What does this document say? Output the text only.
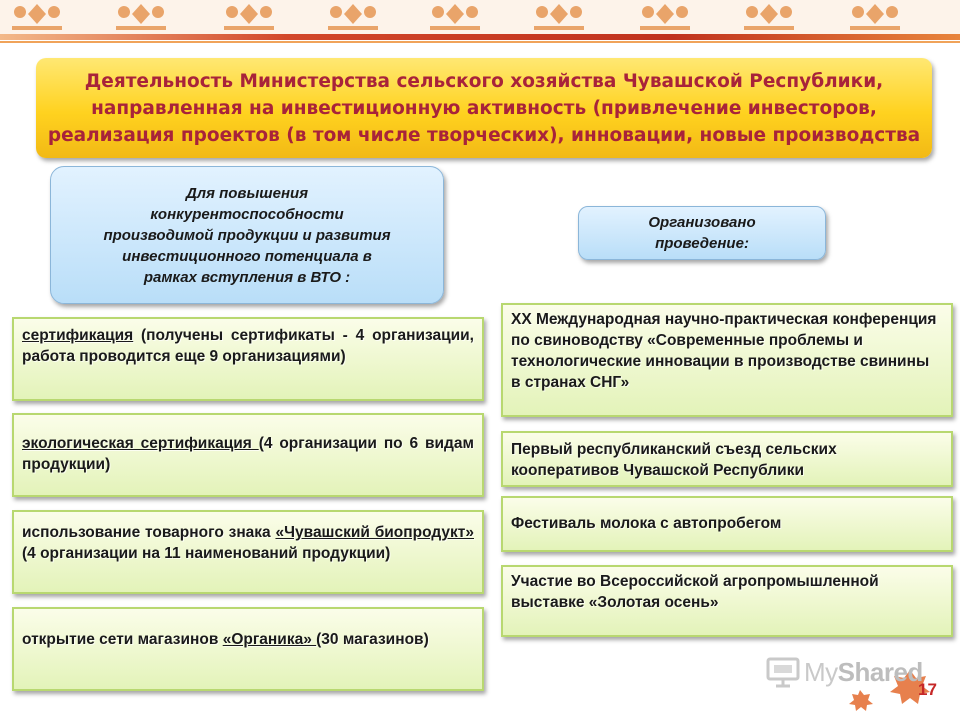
Деятельность Министерства сельского хозяйства Чувашской Республики,
направленная на инвестиционную активность (привлечение инвесторов,
реализация проектов (в том числе творческих), инновации, новые производства
Для повышения
конкурентоспособности
производимой продукции и развития
инвестиционного потенциала в
рамках вступления в ВТО :
Организовано
проведение:

сертификация (получены сертификаты - 4 организации, работа проводится еще 9 организациями)

экологическая сертификация (4 организации по 6 видам продукции)

использование товарного знака «Чувашский биопродукт» (4 организации на 11 наименований продукции)

открытие сети магазинов «Органика» (30 магазинов)

XX Международная научно-практическая конференция по свиноводству «Современные проблемы и технологические инновации в производстве свинины в странах СНГ»

Первый республиканский съезд сельских кооперативов Чувашской Республики

Фестиваль молока с автопробегом

Участие во Всероссийской агропромышленной выставке «Золотая осень»

MyShared
17
